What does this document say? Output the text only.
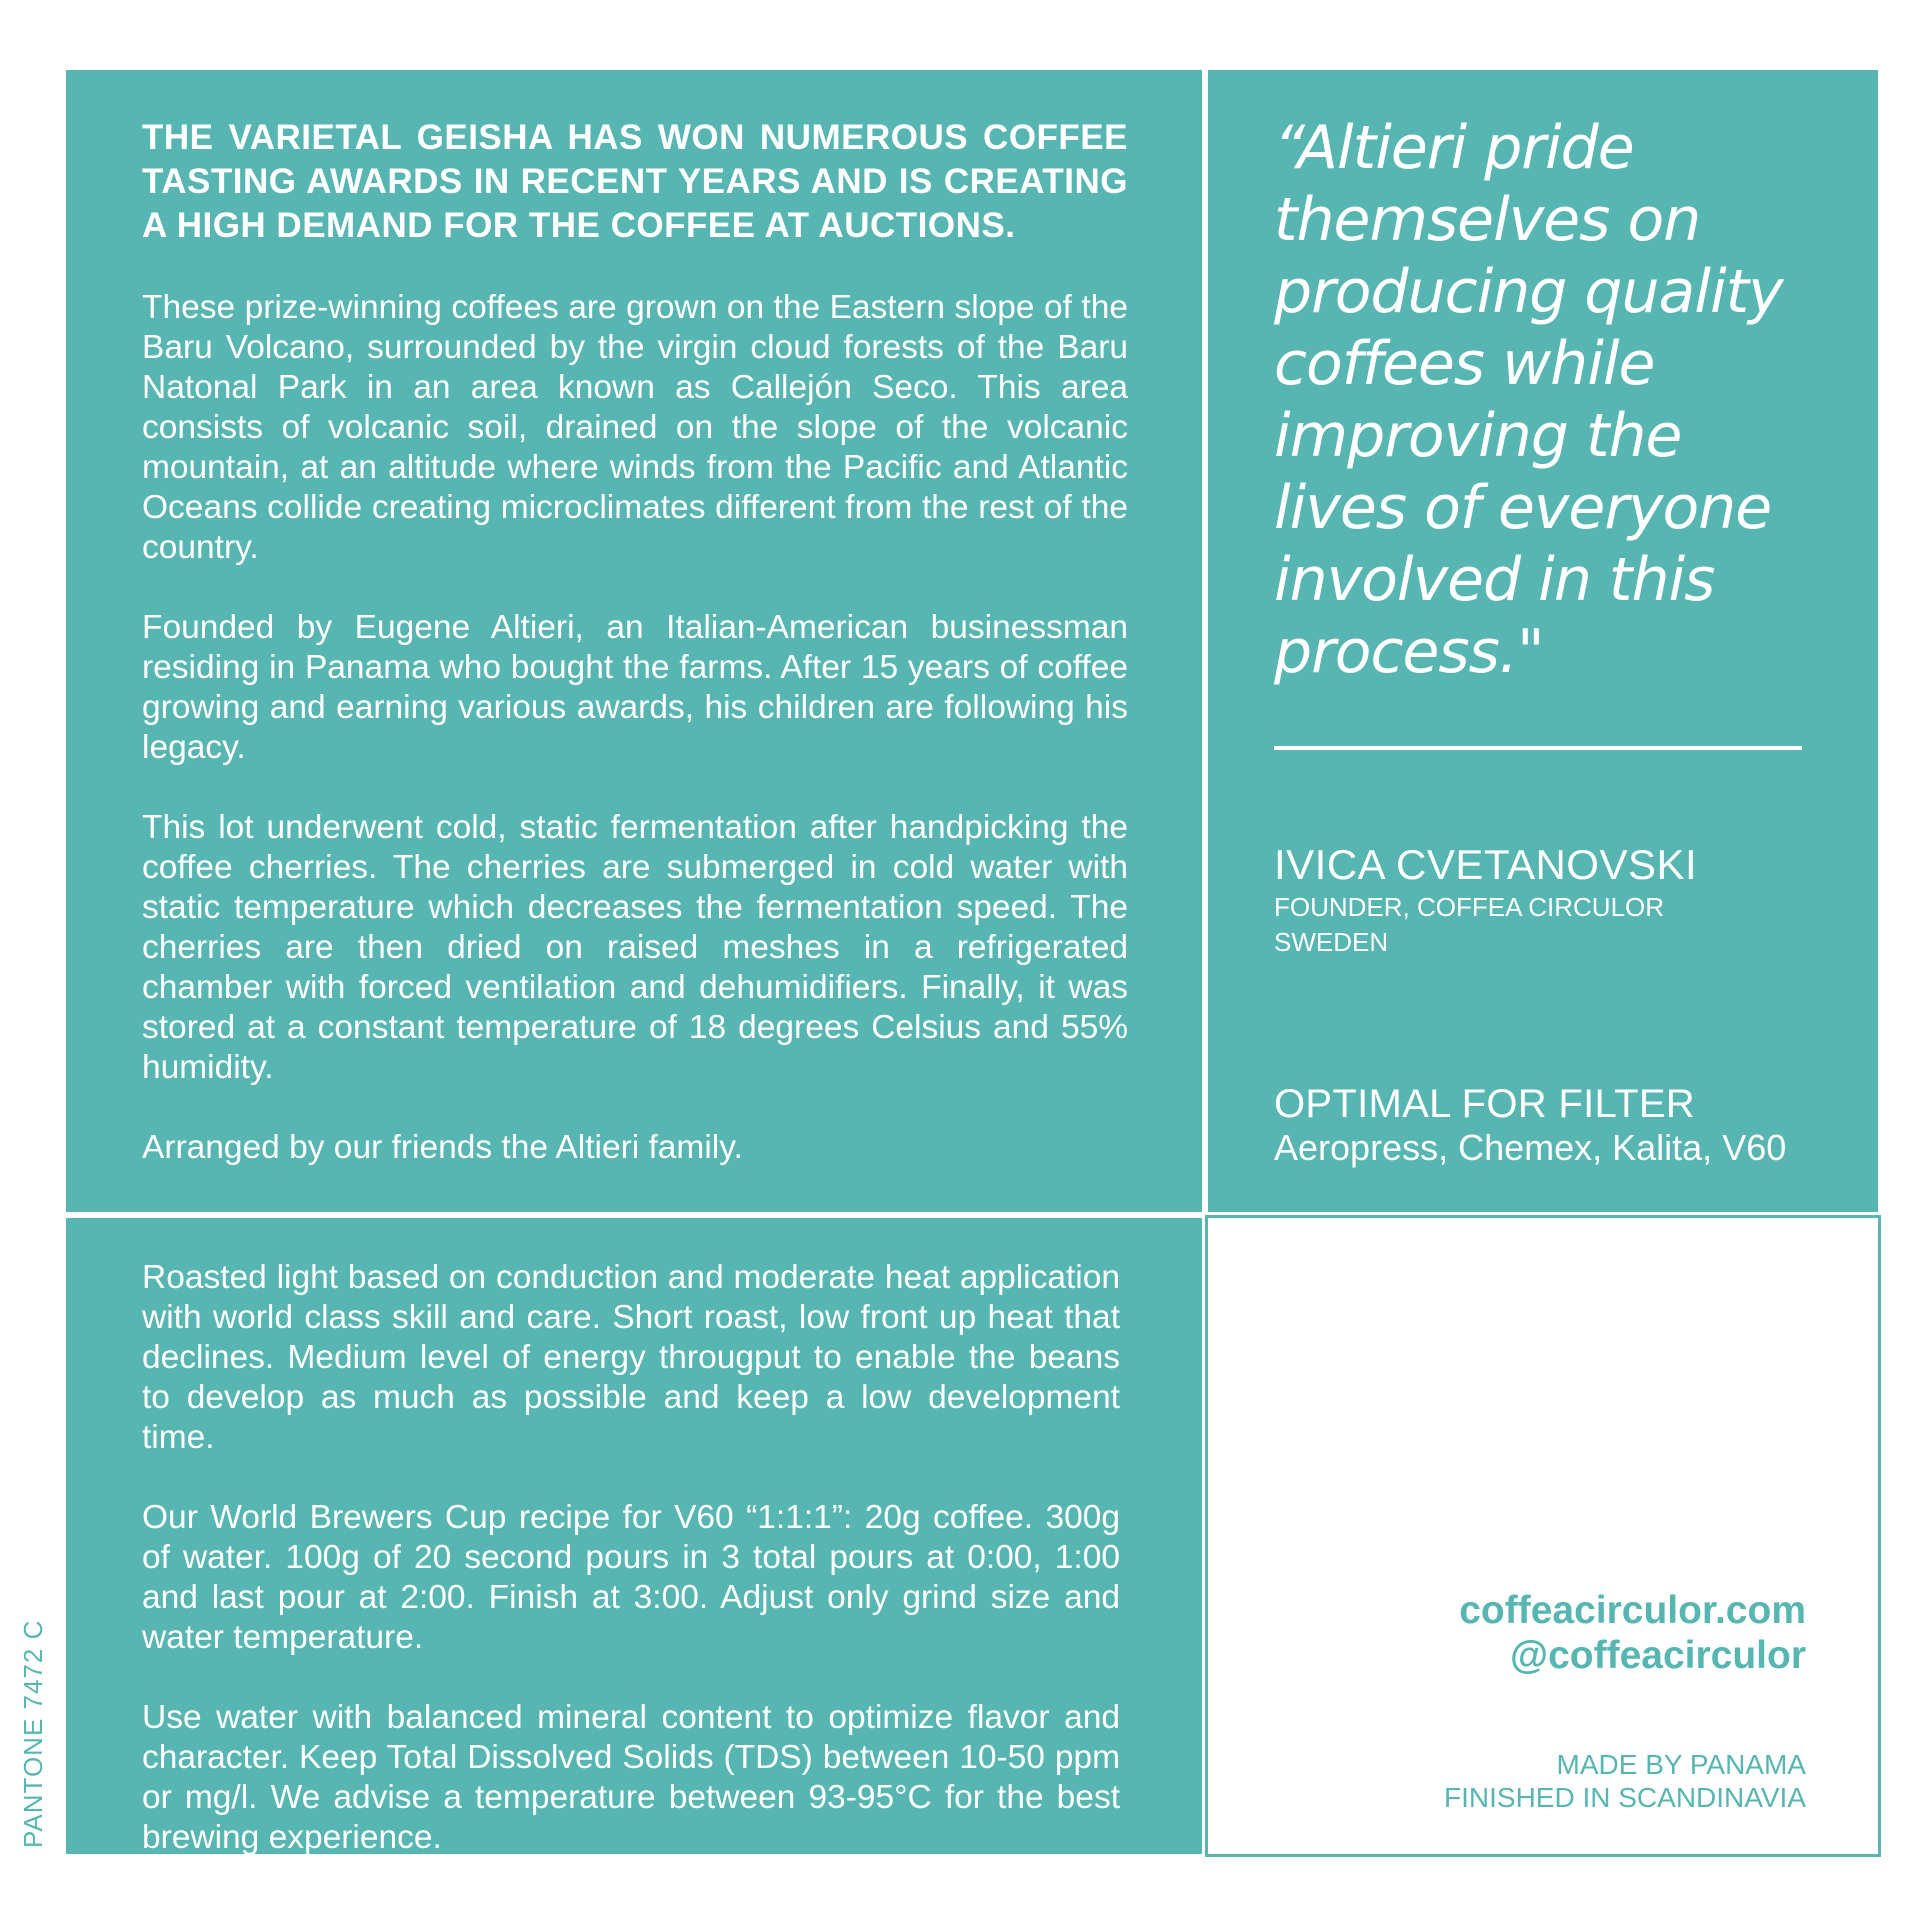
THE VARIETAL GEISHA HAS WON NUMEROUS COFFEE TASTING AWARDS IN RECENT YEARS AND IS CREATING A HIGH DEMAND FOR THE COFFEE AT AUCTIONS.

These prize-winning coffees are grown on the Eastern slope of the Baru Volcano, surrounded by the virgin cloud forests of the Baru Natonal Park in an area known as Callejón Seco. This area consists of volcanic soil, drained on the slope of the volcanic mountain, at an altitude where winds from the Pacific and Atlantic Oceans collide creating microclimates different from the rest of the country.

Founded by Eugene Altieri, an Italian-American businessman residing in Panama who bought the farms. After 15 years of coffee growing and earning various awards, his children are following his legacy.

This lot underwent cold, static fermentation after handpicking the coffee cherries. The cherries are submerged in cold water with static temperature which decreases the fermentation speed. The cherries are then dried on raised meshes in a refrigerated chamber with forced ventilation and dehumidifiers. Finally, it was stored at a constant temperature of 18 degrees Celsius and 55% humidity.

Arranged by our friends the Altieri family.

“Altieri pride themselves on producing quality coffees while improving the lives of everyone involved in this process."

IVICA CVETANOVSKI
FOUNDER, COFFEA CIRCULOR
SWEDEN
OPTIMAL FOR FILTER
Aeropress, Chemex, Kalita, V60

Roasted light based on conduction and moderate heat application with world class skill and care. Short roast, low front up heat that declines. Medium level of energy througput to enable the beans to develop as much as possible and keep a low development time.

Our World Brewers Cup recipe for V60 “1:1:1”: 20g coffee. 300g of water. 100g of 20 second pours in 3 total pours at 0:00, 1:00 and last pour at 2:00. Finish at 3:00. Adjust only grind size and water temperature.

Use water with balanced mineral content to optimize flavor and character. Keep Total Dissolved Solids (TDS) between 10-50 ppm or mg/l. We advise a temperature between 93-95°C for the best brewing experience.

coffeacirculor.com
@coffeacirculor
MADE BY PANAMA
FINISHED IN SCANDINAVIA
PANTONE 7472 C
